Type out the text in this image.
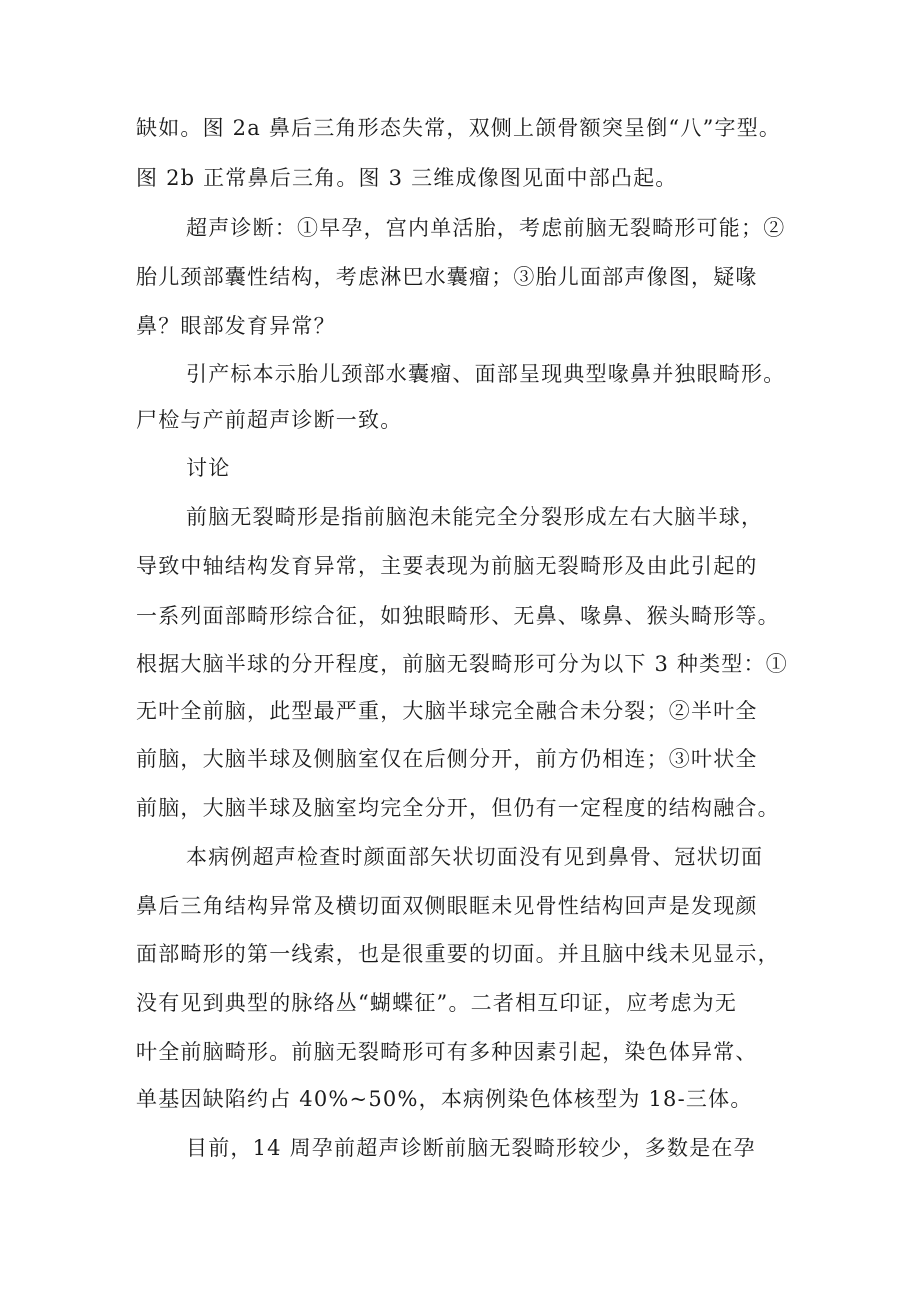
缺如。图 2a 鼻后三角形态失常，双侧上颌骨额突呈倒“八”字型。
图 2b 正常鼻后三角。图 3 三维成像图见面中部凸起。
超声诊断：①早孕，宫内单活胎，考虑前脑无裂畸形可能；②
胎儿颈部囊性结构，考虑淋巴水囊瘤；③胎儿面部声像图，疑喙
鼻？眼部发育异常？
引产标本示胎儿颈部水囊瘤、面部呈现典型喙鼻并独眼畸形。
尸检与产前超声诊断一致。
讨论
前脑无裂畸形是指前脑泡未能完全分裂形成左右大脑半球，
导致中轴结构发育异常，主要表现为前脑无裂畸形及由此引起的
一系列面部畸形综合征，如独眼畸形、无鼻、喙鼻、猴头畸形等。
根据大脑半球的分开程度，前脑无裂畸形可分为以下 3 种类型：①
无叶全前脑，此型最严重，大脑半球完全融合未分裂；②半叶全
前脑，大脑半球及侧脑室仅在后侧分开，前方仍相连；③叶状全
前脑，大脑半球及脑室均完全分开，但仍有一定程度的结构融合。
本病例超声检查时颜面部矢状切面没有见到鼻骨、冠状切面
鼻后三角结构异常及横切面双侧眼眶未见骨性结构回声是发现颜
面部畸形的第一线索，也是很重要的切面。并且脑中线未见显示，
没有见到典型的脉络丛“蝴蝶征”。二者相互印证，应考虑为无
叶全前脑畸形。前脑无裂畸形可有多种因素引起，染色体异常、
单基因缺陷约占 40%~50%，本病例染色体核型为 18-三体。
目前，14 周孕前超声诊断前脑无裂畸形较少，多数是在孕
